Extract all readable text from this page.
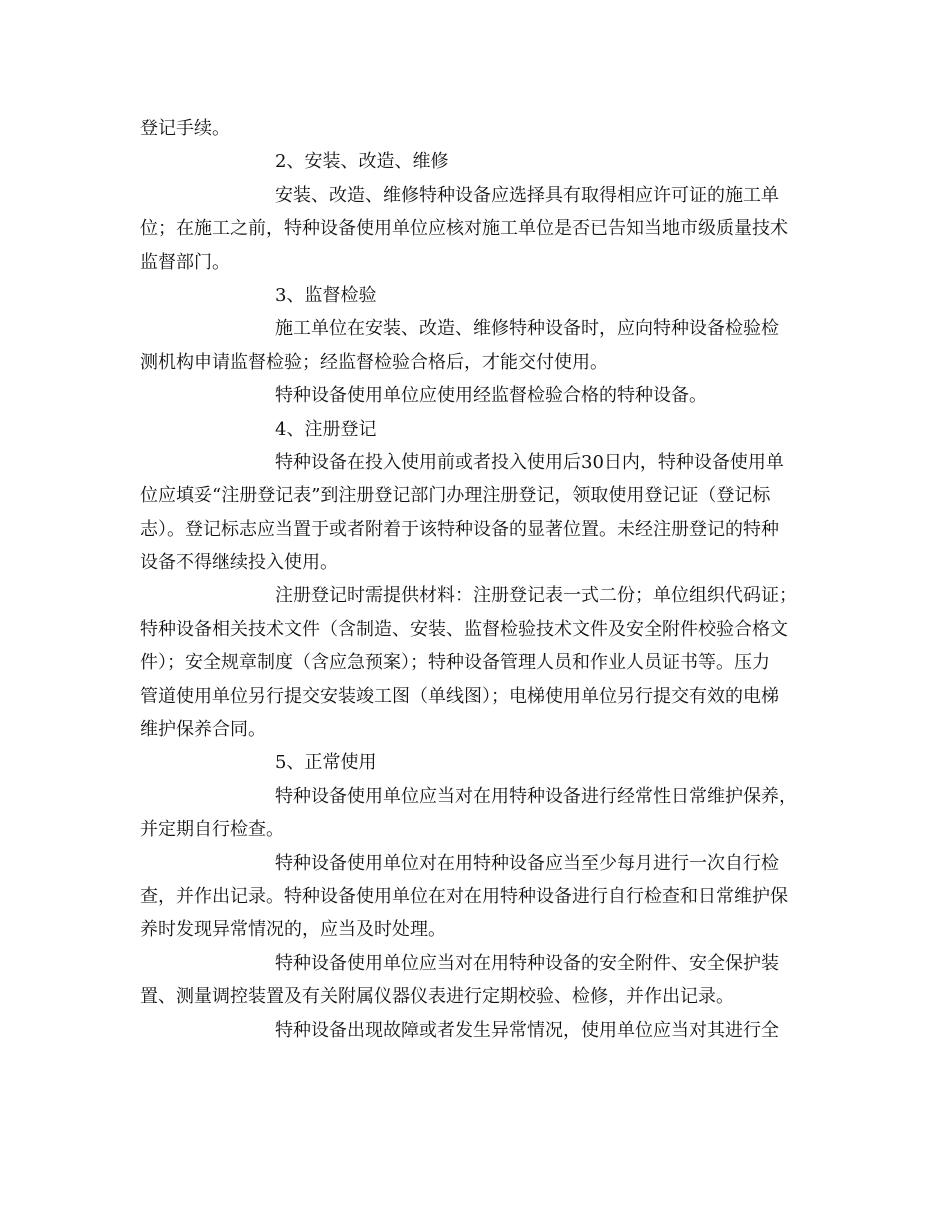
登记手续。
2、安装、改造、维修
安装、改造、维修特种设备应选择具有取得相应许可证的施工单
位；在施工之前，特种设备使用单位应核对施工单位是否已告知当地市级质量技术
监督部门。
3、监督检验
施工单位在安装、改造、维修特种设备时，应向特种设备检验检
测机构申请监督检验；经监督检验合格后，才能交付使用。
特种设备使用单位应使用经监督检验合格的特种设备。
4、注册登记
特种设备在投入使用前或者投入使用后30日内，特种设备使用单
位应填妥“注册登记表”到注册登记部门办理注册登记，领取使用登记证（登记标
志）。登记标志应当置于或者附着于该特种设备的显著位置。未经注册登记的特种
设备不得继续投入使用。
注册登记时需提供材料：注册登记表一式二份；单位组织代码证；
特种设备相关技术文件（含制造、安装、监督检验技术文件及安全附件校验合格文
件）；安全规章制度（含应急预案）；特种设备管理人员和作业人员证书等。压力
管道使用单位另行提交安装竣工图（单线图）；电梯使用单位另行提交有效的电梯
维护保养合同。
5、正常使用
特种设备使用单位应当对在用特种设备进行经常性日常维护保养，
并定期自行检查。
特种设备使用单位对在用特种设备应当至少每月进行一次自行检
查，并作出记录。特种设备使用单位在对在用特种设备进行自行检查和日常维护保
养时发现异常情况的，应当及时处理。
特种设备使用单位应当对在用特种设备的安全附件、安全保护装
置、测量调控装置及有关附属仪器仪表进行定期校验、检修，并作出记录。
特种设备出现故障或者发生异常情况，使用单位应当对其进行全
